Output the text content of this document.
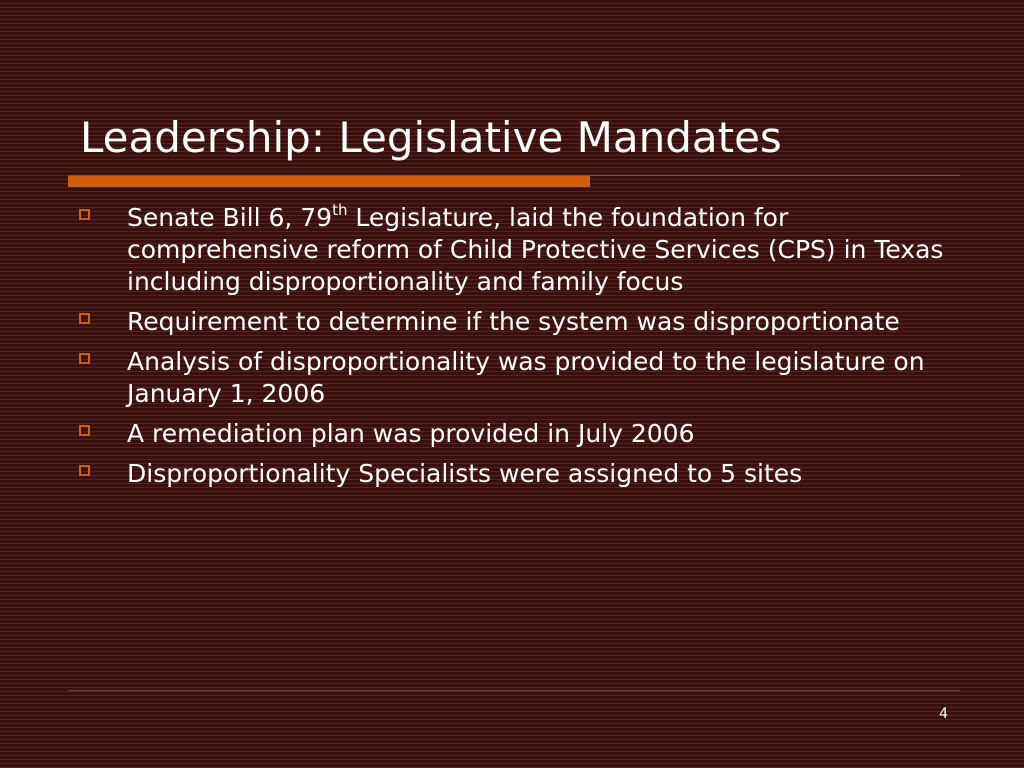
Leadership: Legislative Mandates
Senate Bill 6, 79th Legislature, laid the foundation for comprehensive reform of Child Protective Services (CPS) in Texas including disproportionality and family focus
Requirement to determine if the system was disproportionate
Analysis of disproportionality was provided to the legislature on January 1, 2006
A remediation plan was provided in July 2006
Disproportionality Specialists were assigned to 5 sites
4
